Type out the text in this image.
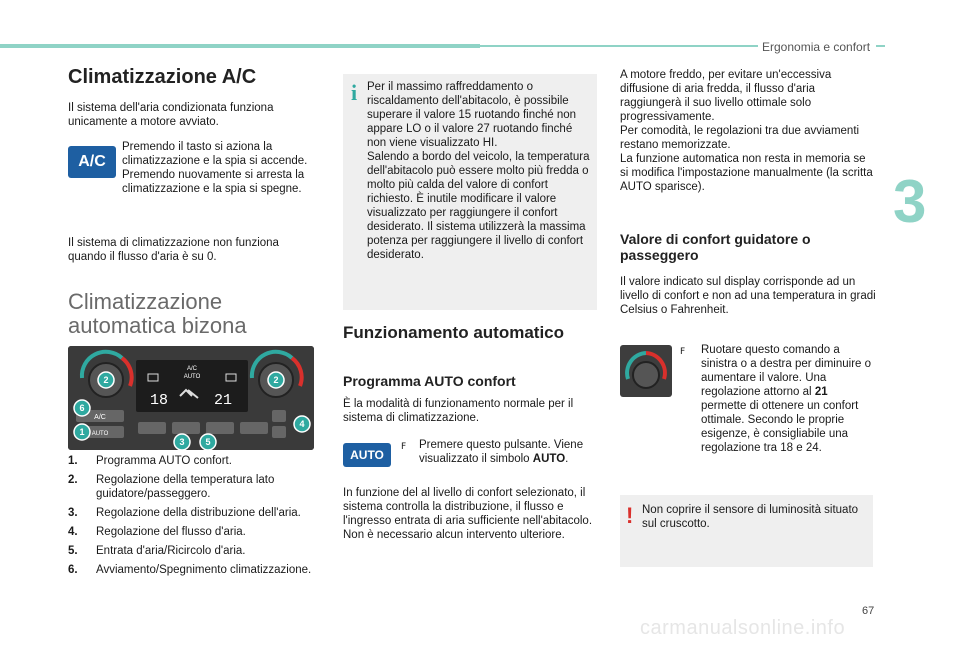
Ergonomia e confort
3
67
carmanualsonline.info
Climatizzazione A/C
Il sistema dell'aria condizionata funziona unicamente a motore avviato.
A/C
Premendo il tasto si aziona la climatizzazione e la spia si accende. Premendo nuovamente si arresta la climatizzazione e la spia si spegne.
Il sistema di climatizzazione non funziona quando il flusso d'aria è su 0.
Climatizzazione
automatica bizona
A/C
AUTO
A/C
AUTO
18	21
2	2
6
1
3 5
4
1.	Programma AUTO confort.
2.	Regolazione della temperatura lato guidatore/passeggero.
3.	Regolazione della distribuzione dell'aria.
4.	Regolazione del flusso d'aria.
5.	Entrata d'aria/Ricircolo d'aria.
6.	Avviamento/Spegnimento climatizzazione.
i Per il massimo raffreddamento o riscaldamento dell'abitacolo, è possibile superare il valore 15 ruotando finché non appare LO o il valore 27 ruotando finché non viene visualizzato HI.
Salendo a bordo del veicolo, la temperatura dell'abitacolo può essere molto più fredda o molto più calda del valore di confort richiesto. È inutile modificare il valore visualizzato per raggiungere il confort desiderato. Il sistema utilizzerà la massima potenza per raggiungere il livello di confort desiderato.
Funzionamento automatico
Programma AUTO confort
È la modalità di funzionamento normale per il sistema di climatizzazione.
AUTO
F Premere questo pulsante. Viene visualizzato il simbolo AUTO.
In funzione del al livello di confort selezionato, il sistema controlla la distribuzione, il flusso e l'ingresso entrata di aria sufficiente nell'abitacolo. Non è necessario alcun intervento ulteriore.
A motore freddo, per evitare un'eccessiva diffusione di aria fredda, il flusso d'aria raggiungerà il suo livello ottimale solo progressivamente.
Per comodità, le regolazioni tra due avviamenti restano memorizzate.
La funzione automatica non resta in memoria se si modifica l'impostazione manualmente (la scritta AUTO sparisce).
Valore di confort guidatore o
passeggero
Il valore indicato sul display corrisponde ad un livello di confort e non ad una temperatura in gradi Celsius o Fahrenheit.
F Ruotare questo comando a sinistra o a destra per diminuire o aumentare il valore. Una regolazione attorno al 21 permette di ottenere un confort ottimale. Secondo le proprie esigenze, è consigliabile una regolazione tra 18 e 24.
! Non coprire il sensore di luminosità situato sul cruscotto.
